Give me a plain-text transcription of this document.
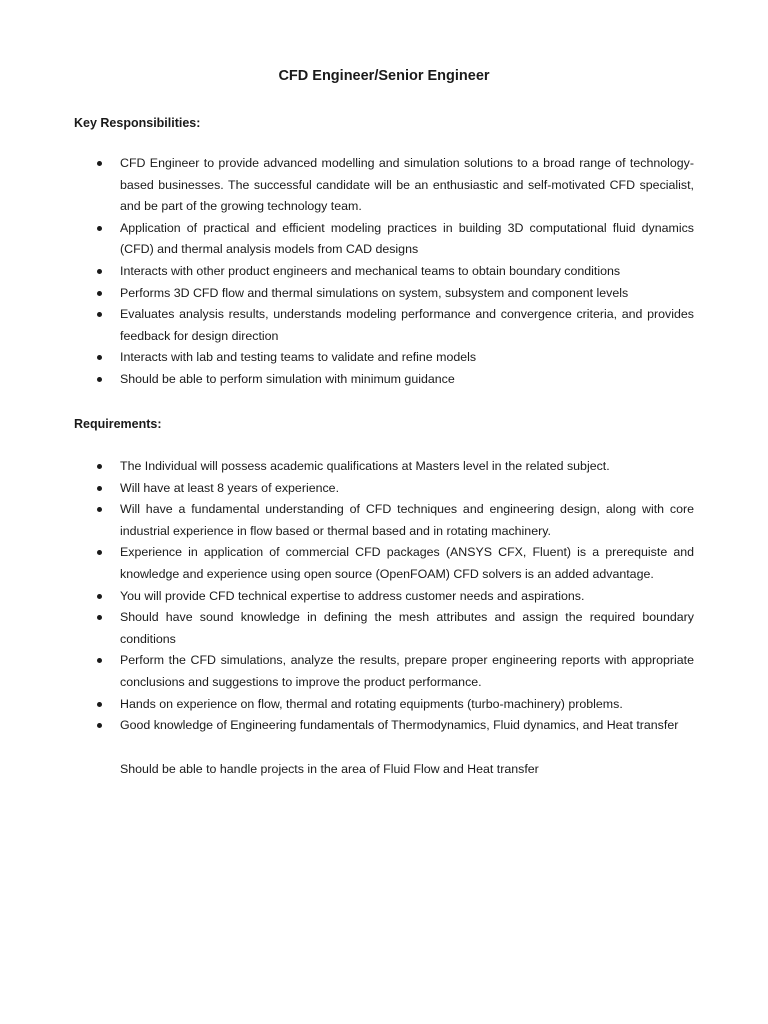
CFD Engineer/Senior Engineer
Key Responsibilities:
CFD Engineer to provide advanced modelling and simulation solutions to a broad range of technology-based businesses. The successful candidate will be an enthusiastic and self-motivated CFD specialist, and be part of the growing technology team.
Application of practical and efficient modeling practices in building 3D computational fluid dynamics (CFD) and thermal analysis models from CAD designs
Interacts with other product engineers and mechanical teams to obtain boundary conditions
Performs 3D CFD flow and thermal simulations on system, subsystem and component levels
Evaluates analysis results, understands modeling performance and convergence criteria, and provides feedback for design direction
Interacts with lab and testing teams to validate and refine models
Should be able to perform simulation with minimum guidance
Requirements:
The Individual will possess academic qualifications at Masters level in the related subject.
Will have at least 8 years of experience.
Will have a fundamental understanding of CFD techniques and engineering design, along with core industrial experience in flow based or thermal based and in rotating machinery.
Experience in application of commercial CFD packages (ANSYS CFX, Fluent) is a prerequiste and knowledge and experience using open source (OpenFOAM) CFD solvers is an added advantage.
You will provide CFD technical expertise to address customer needs and aspirations.
Should have sound knowledge in defining the mesh attributes and assign the required boundary conditions
Perform the CFD simulations, analyze the results, prepare proper engineering reports with appropriate conclusions and suggestions to improve the product performance.
Hands on experience on flow, thermal and rotating equipments (turbo-machinery) problems.
Good knowledge of Engineering fundamentals of Thermodynamics, Fluid dynamics, and Heat transfer
Should be able to handle projects in the area of Fluid Flow and Heat transfer
